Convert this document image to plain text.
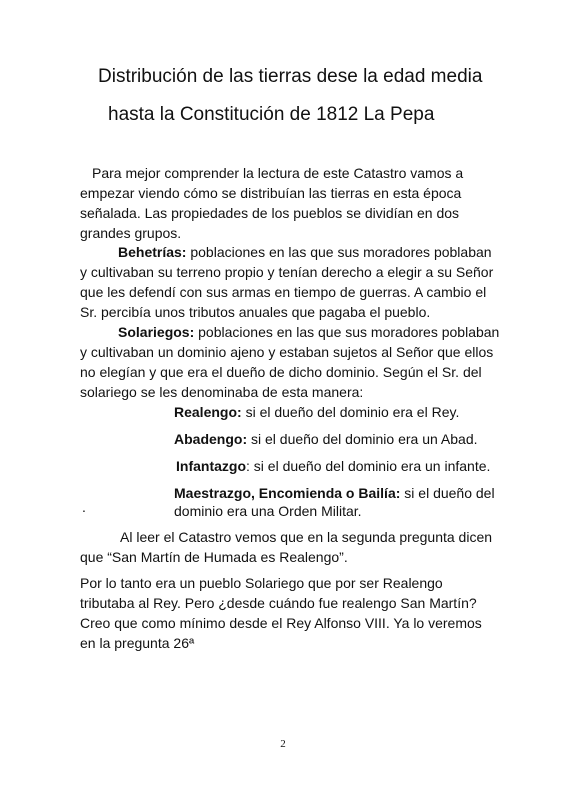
Distribución de las tierras dese la edad media
hasta la Constitución de 1812 La Pepa
Para mejor comprender la lectura de este Catastro vamos a empezar viendo cómo se distribuían las tierras en esta época señalada. Las propiedades de los pueblos se dividían en dos grandes grupos.
Behetrías: poblaciones en las que sus moradores poblaban y cultivaban su terreno propio y tenían derecho a elegir a su Señor que les defendí con sus armas en tiempo de guerras. A cambio el Sr. percibía unos tributos anuales que pagaba el pueblo.
Solariegos: poblaciones en las que sus moradores poblaban y cultivaban un dominio ajeno y estaban sujetos al Señor que ellos no elegían y que era el dueño de dicho dominio. Según el Sr. del solariego se les denominaba de esta manera:
Realengo: si el dueño del dominio era el Rey.
Abadengo: si el dueño del dominio era un Abad.
Infantazgo: si el dueño del dominio era un infante.
Maestrazgo, Encomienda o Bailía: si el dueño del
dominio era una Orden Militar.
.
Al leer el Catastro vemos que en la segunda pregunta dicen que “San Martín de Humada es Realengo”.
Por lo tanto era un pueblo Solariego que por ser Realengo tributaba al Rey. Pero ¿desde cuándo fue realengo San Martín? Creo que como mínimo desde el Rey Alfonso VIII. Ya lo veremos en la pregunta 26ª
2
